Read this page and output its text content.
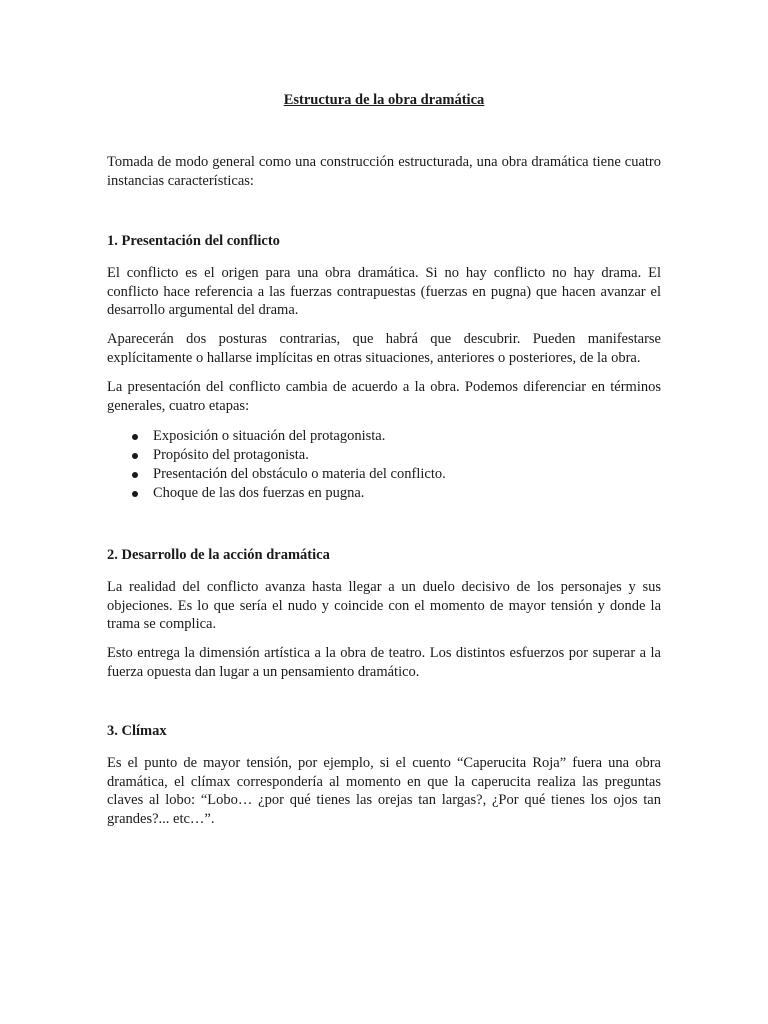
Estructura de la obra dramática

Tomada de modo general como una construcción estructurada, una obra dramática tiene cuatro instancias características:

1. Presentación del conflicto

El conflicto es el origen para una obra dramática. Si no hay conflicto no hay drama. El conflicto hace referencia a las fuerzas contrapuestas (fuerzas en pugna) que hacen avanzar el desarrollo argumental del drama.

Aparecerán dos posturas contrarias, que habrá que descubrir. Pueden manifestarse explícitamente o hallarse implícitas en otras situaciones, anteriores o posteriores, de la obra.

La presentación del conflicto cambia de acuerdo a la obra. Podemos diferenciar en términos generales, cuatro etapas:

Exposición o situación del protagonista.
Propósito del protagonista.
Presentación del obstáculo o materia del conflicto.
Choque de las dos fuerzas en pugna.
2. Desarrollo de la acción dramática

La realidad del conflicto avanza hasta llegar a un duelo decisivo de los personajes y sus objeciones. Es lo que sería el nudo y coincide con el momento de mayor tensión y donde la trama se complica.

Esto entrega la dimensión artística a la obra de teatro. Los distintos esfuerzos por superar a la fuerza opuesta dan lugar a un pensamiento dramático.

3. Clímax

Es el punto de mayor tensión, por ejemplo, si el cuento “Caperucita Roja” fuera una obra dramática, el clímax correspondería al momento en que la caperucita realiza las preguntas claves al lobo: “Lobo… ¿por qué tienes las orejas tan largas?, ¿Por qué tienes los ojos tan grandes?... etc…”.
